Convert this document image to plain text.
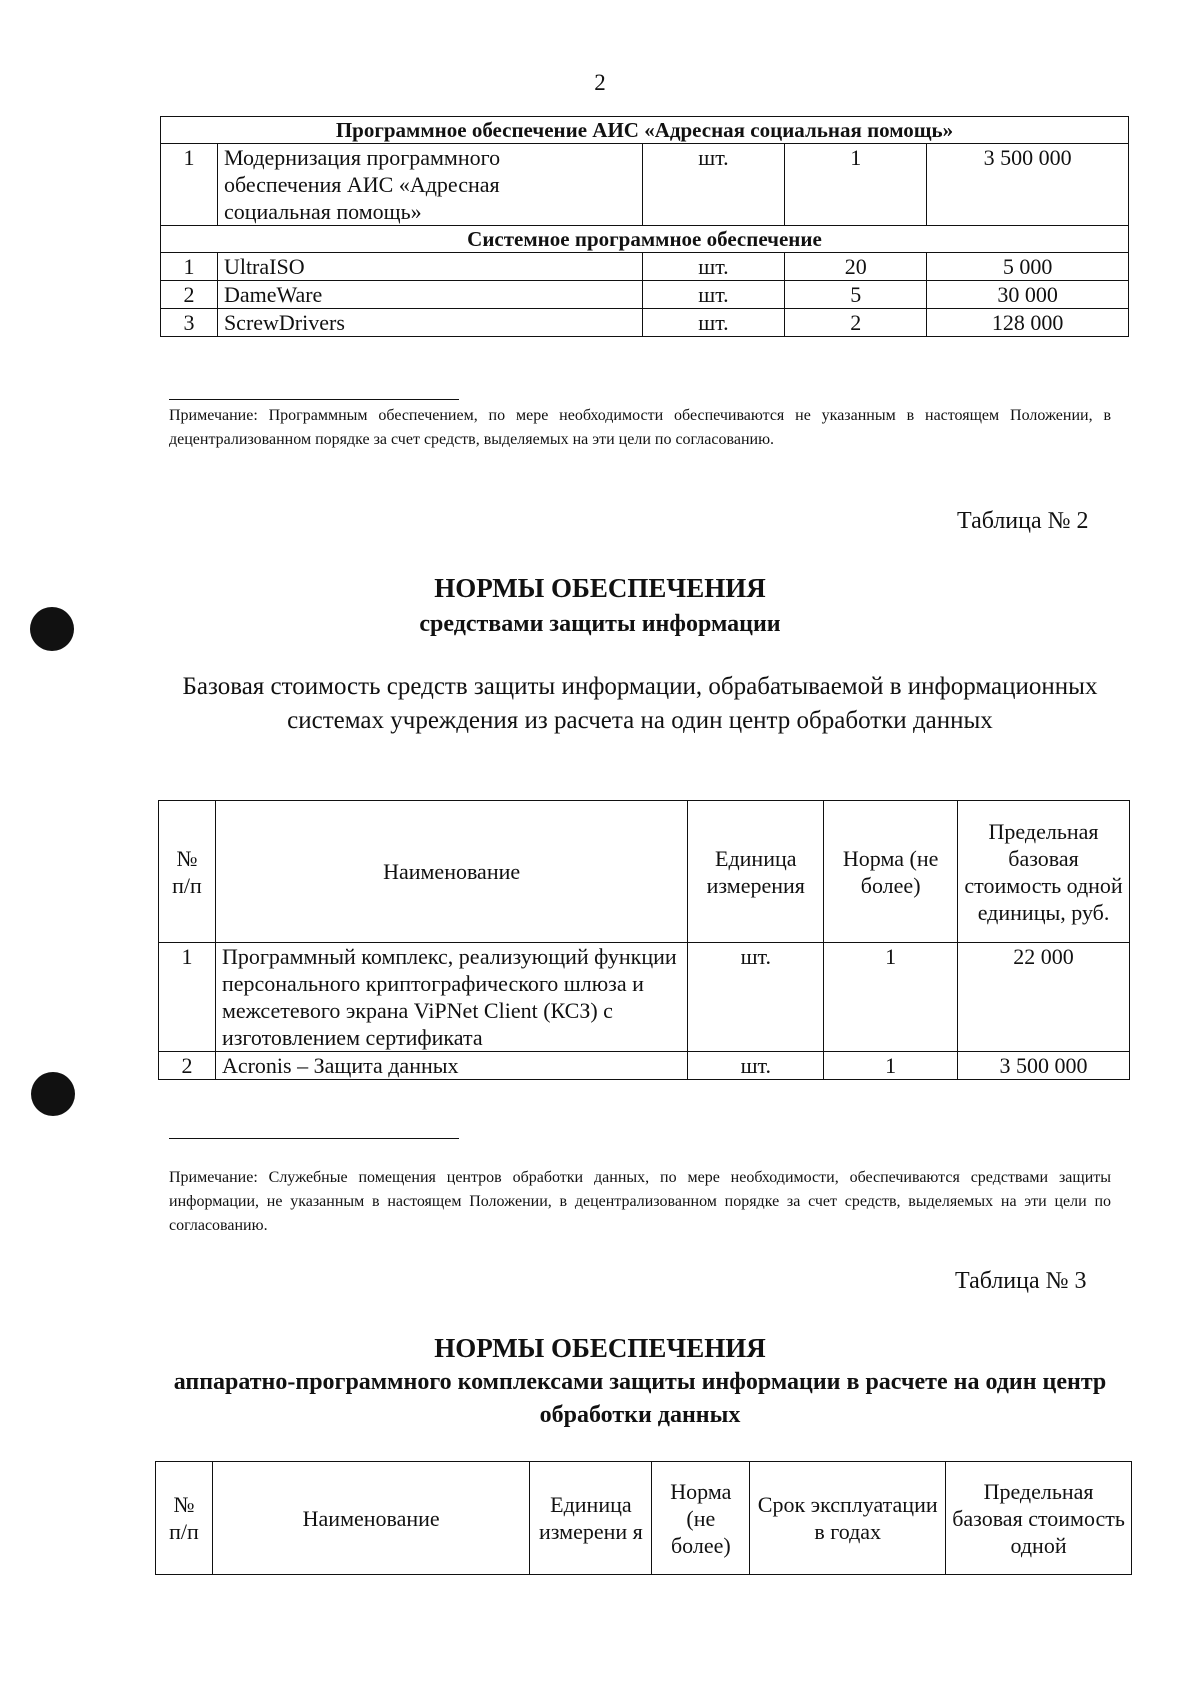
2
Программное обеспечение АИС «Адресная социальная помощь»				
1	Модернизация программного обеспечения АИС «Адресная социальная помощь»	шт.	1	3 500 000
Системное программное обеспечение				
1	UltraISO	шт.	20	5 000
2	DameWare	шт.	5	30 000
3	ScrewDrivers	шт.	2	128 000
Примечание: Программным обеспечением, по мере необходимости обеспечиваются не указанным в настоящем Положении, в децентрализованном порядке за счет средств, выделяемых на эти цели по согласованию.
Таблица № 2
НОРМЫ ОБЕСПЕЧЕНИЯ
средствами защиты информации
Базовая стоимость средств защиты информации, обрабатываемой в информационных системах учреждения из расчета на один центр обработки данных
№ п/п	Наименование	Единица измерения	Норма (не более)	Предельная базовая стоимость одной единицы, руб.
1	Программный комплекс, реализующий функции персонального криптографического шлюза и межсетевого экрана ViPNet Client (КСЗ) с изготовлением сертификата	шт.	1	22 000
2	Acronis – Защита данных	шт.	1	3 500 000
Примечание: Служебные помещения центров обработки данных, по мере необходимости, обеспечиваются средствами защиты информации, не указанным в настоящем Положении, в децентрализованном порядке за счет средств, выделяемых на эти цели по согласованию.
Таблица № 3
НОРМЫ ОБЕСПЕЧЕНИЯ
аппаратно-программного комплексами защиты информации в расчете на один центр обработки данных
№ п/п	Наименование	Единица измерени я	Норма (не более)	Срок эксплуатации в годах	Предельная базовая стоимость одной
